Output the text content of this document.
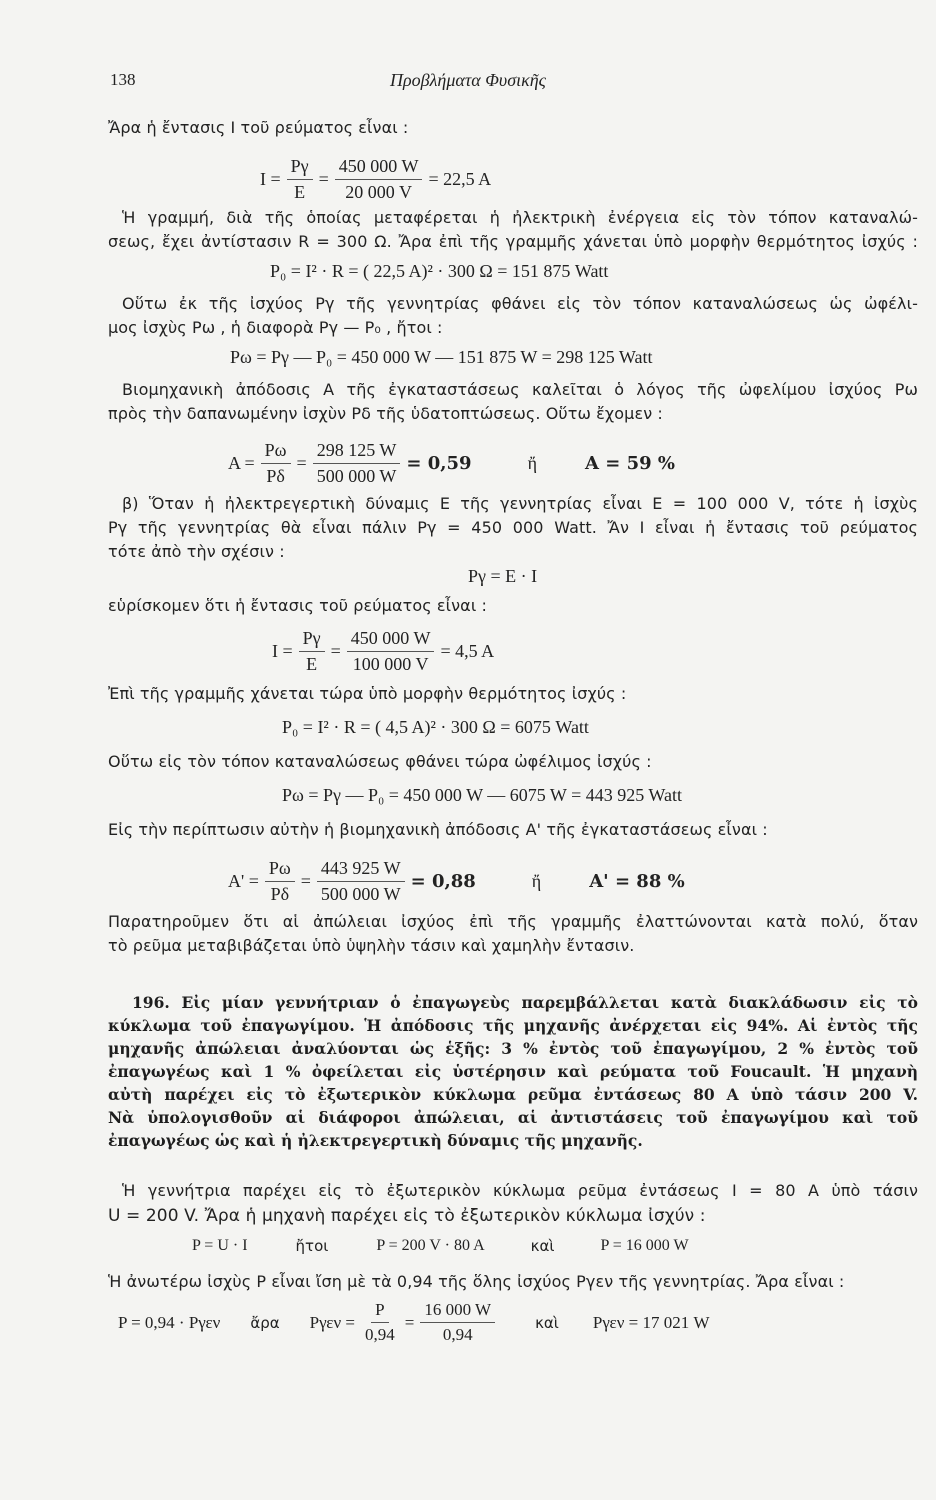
138	Προβλήματα Φυσικῆς
Ἄρα ἡ ἔντασις I τοῦ ρεύματος εἶναι :
$I = \frac{P\gamma}{E} = \frac{450 000 W}{20 000 V} = 22,5$ A
Ἡ γραμμή, διὰ τῆς ὁποίας μεταφέρεται ἡ ἠλεκτρικὴ ἐνέργεια εἰς τὸν τόπον καταναλώ-
σεως, ἔχει ἀντίστασιν R = 300 Ω. Ἄρα ἐπὶ τῆς γραμμῆς χάνεται ὑπὸ μορφὴν θερμότητος ἰσχύς :
P₀ = I² · R = ( 22,5 A)² · 300 Ω = 151 875 Watt
Οὕτω ἐκ τῆς ἰσχύος Pγ τῆς γεννητρίας φθάνει εἰς τὸν τόπον καταναλώσεως ὡς ὠφέλι-
μος ἰσχὺς Pω , ἡ διαφορὰ Pγ — P₀ , ἤτοι :
Pω = Pγ — P₀ = 450 000 W — 151 875 W = 298 125 Watt
Βιομηχανικὴ ἀπόδοσις A τῆς ἐγκαταστάσεως καλεῖται ὁ λόγος τῆς ὠφελίμου ἰσχύος Pω
πρὸς τὴν δαπανωμένην ἰσχὺν Pδ τῆς ὑδατοπτώσεως. Οὕτω ἔχομεν :
$A = \frac{P\omega}{P\delta} = \frac{298 125 W}{500 000 W} = 0,59$	ἤ	A = 59 %
β) Ὅταν ἡ ἠλεκτρεγερτικὴ δύναμις E τῆς γεννητρίας εἶναι E = 100 000 V, τότε ἡ ἰσχὺς
Pγ τῆς γεννητρίας θὰ εἶναι πάλιν Pγ = 450 000 Watt. Ἄν I εἶναι ἡ ἔντασις τοῦ ρεύματος
τότε ἀπὸ τὴν σχέσιν :
Pγ = E · I
εὑρίσκομεν ὅτι ἡ ἔντασις τοῦ ρεύματος εἶναι :
$I = \frac{P\gamma}{E} = \frac{450 000 W}{100 000 V} = 4,5$ A
Ἐπὶ τῆς γραμμῆς χάνεται τώρα ὑπὸ μορφὴν θερμότητος ἰσχύς :
P₀ = I² · R = ( 4,5 A)² · 300 Ω = 6075 Watt
Οὕτω εἰς τὸν τόπον καταναλώσεως φθάνει τώρα ὠφέλιμος ἰσχύς :
Pω = Pγ — P₀ = 450 000 W — 6075 W = 443 925 Watt
Εἰς τὴν περίπτωσιν αὐτὴν ἡ βιομηχανικὴ ἀπόδοσις A' τῆς ἐγκαταστάσεως εἶναι :
$A' = \frac{P\omega}{P\delta} = \frac{443 925 W}{500 000 W} = 0,88$	ἤ	A' = 88 %
Παρατηροῦμεν ὅτι αἱ ἀπώλειαι ἰσχύος ἐπὶ τῆς γραμμῆς ἐλαττώνονται κατὰ πολύ, ὅταν
τὸ ρεῦμα μεταβιβάζεται ὑπὸ ὑψηλὴν τάσιν καὶ χαμηλὴν ἔντασιν.
196. Εἰς μίαν γεννήτριαν ὁ ἐπαγωγεὺς παρεμβάλλεται κατὰ διακλάδωσιν εἰς τὸ
κύκλωμα τοῦ ἐπαγωγίμου. Ἡ ἀπόδοσις τῆς μηχανῆς ἀνέρχεται εἰς 94%. Αἱ ἐντὸς τῆς
μηχανῆς ἀπώλειαι ἀναλύονται ὡς ἑξῆς: 3 % ἐντὸς τοῦ ἐπαγωγίμου, 2 % ἐντὸς τοῦ
ἐπαγωγέως καὶ 1 % ὀφείλεται εἰς ὑστέρησιν καὶ ρεύματα τοῦ Foucault. Ἡ μηχανὴ
αὐτὴ παρέχει εἰς τὸ ἐξωτερικὸν κύκλωμα ρεῦμα ἐντάσεως 80 A ὑπὸ τάσιν 200 V.
Νὰ ὑπολογισθοῦν αἱ διάφοροι ἀπώλειαι, αἱ ἀντιστάσεις τοῦ ἐπαγωγίμου καὶ τοῦ
ἐπαγωγέως ὡς καὶ ἡ ἠλεκτρεγερτικὴ δύναμις τῆς μηχανῆς.
Ἡ γεννήτρια παρέχει εἰς τὸ ἐξωτερικὸν κύκλωμα ρεῦμα ἐντάσεως I = 80 A ὑπὸ τάσιν
U = 200 V. Ἄρα ἡ μηχανὴ παρέχει εἰς τὸ ἐξωτερικὸν κύκλωμα ἰσχύν :
P = U · I	ἤτοι	P = 200 V · 80 A	καὶ	P = 16 000 W
Ἡ ἀνωτέρω ἰσχὺς P εἶναι ἴση μὲ τὰ 0,94 τῆς ὅλης ἰσχύος Pγεν τῆς γεννητρίας. Ἄρα εἶναι :
P = 0,94 · Pγεν ἄρα $P\gamma\varepsilon\nu = \frac{P}{0,94} = \frac{16 000 W}{0,94}$	καὶ Pγεν = 17 021 W
